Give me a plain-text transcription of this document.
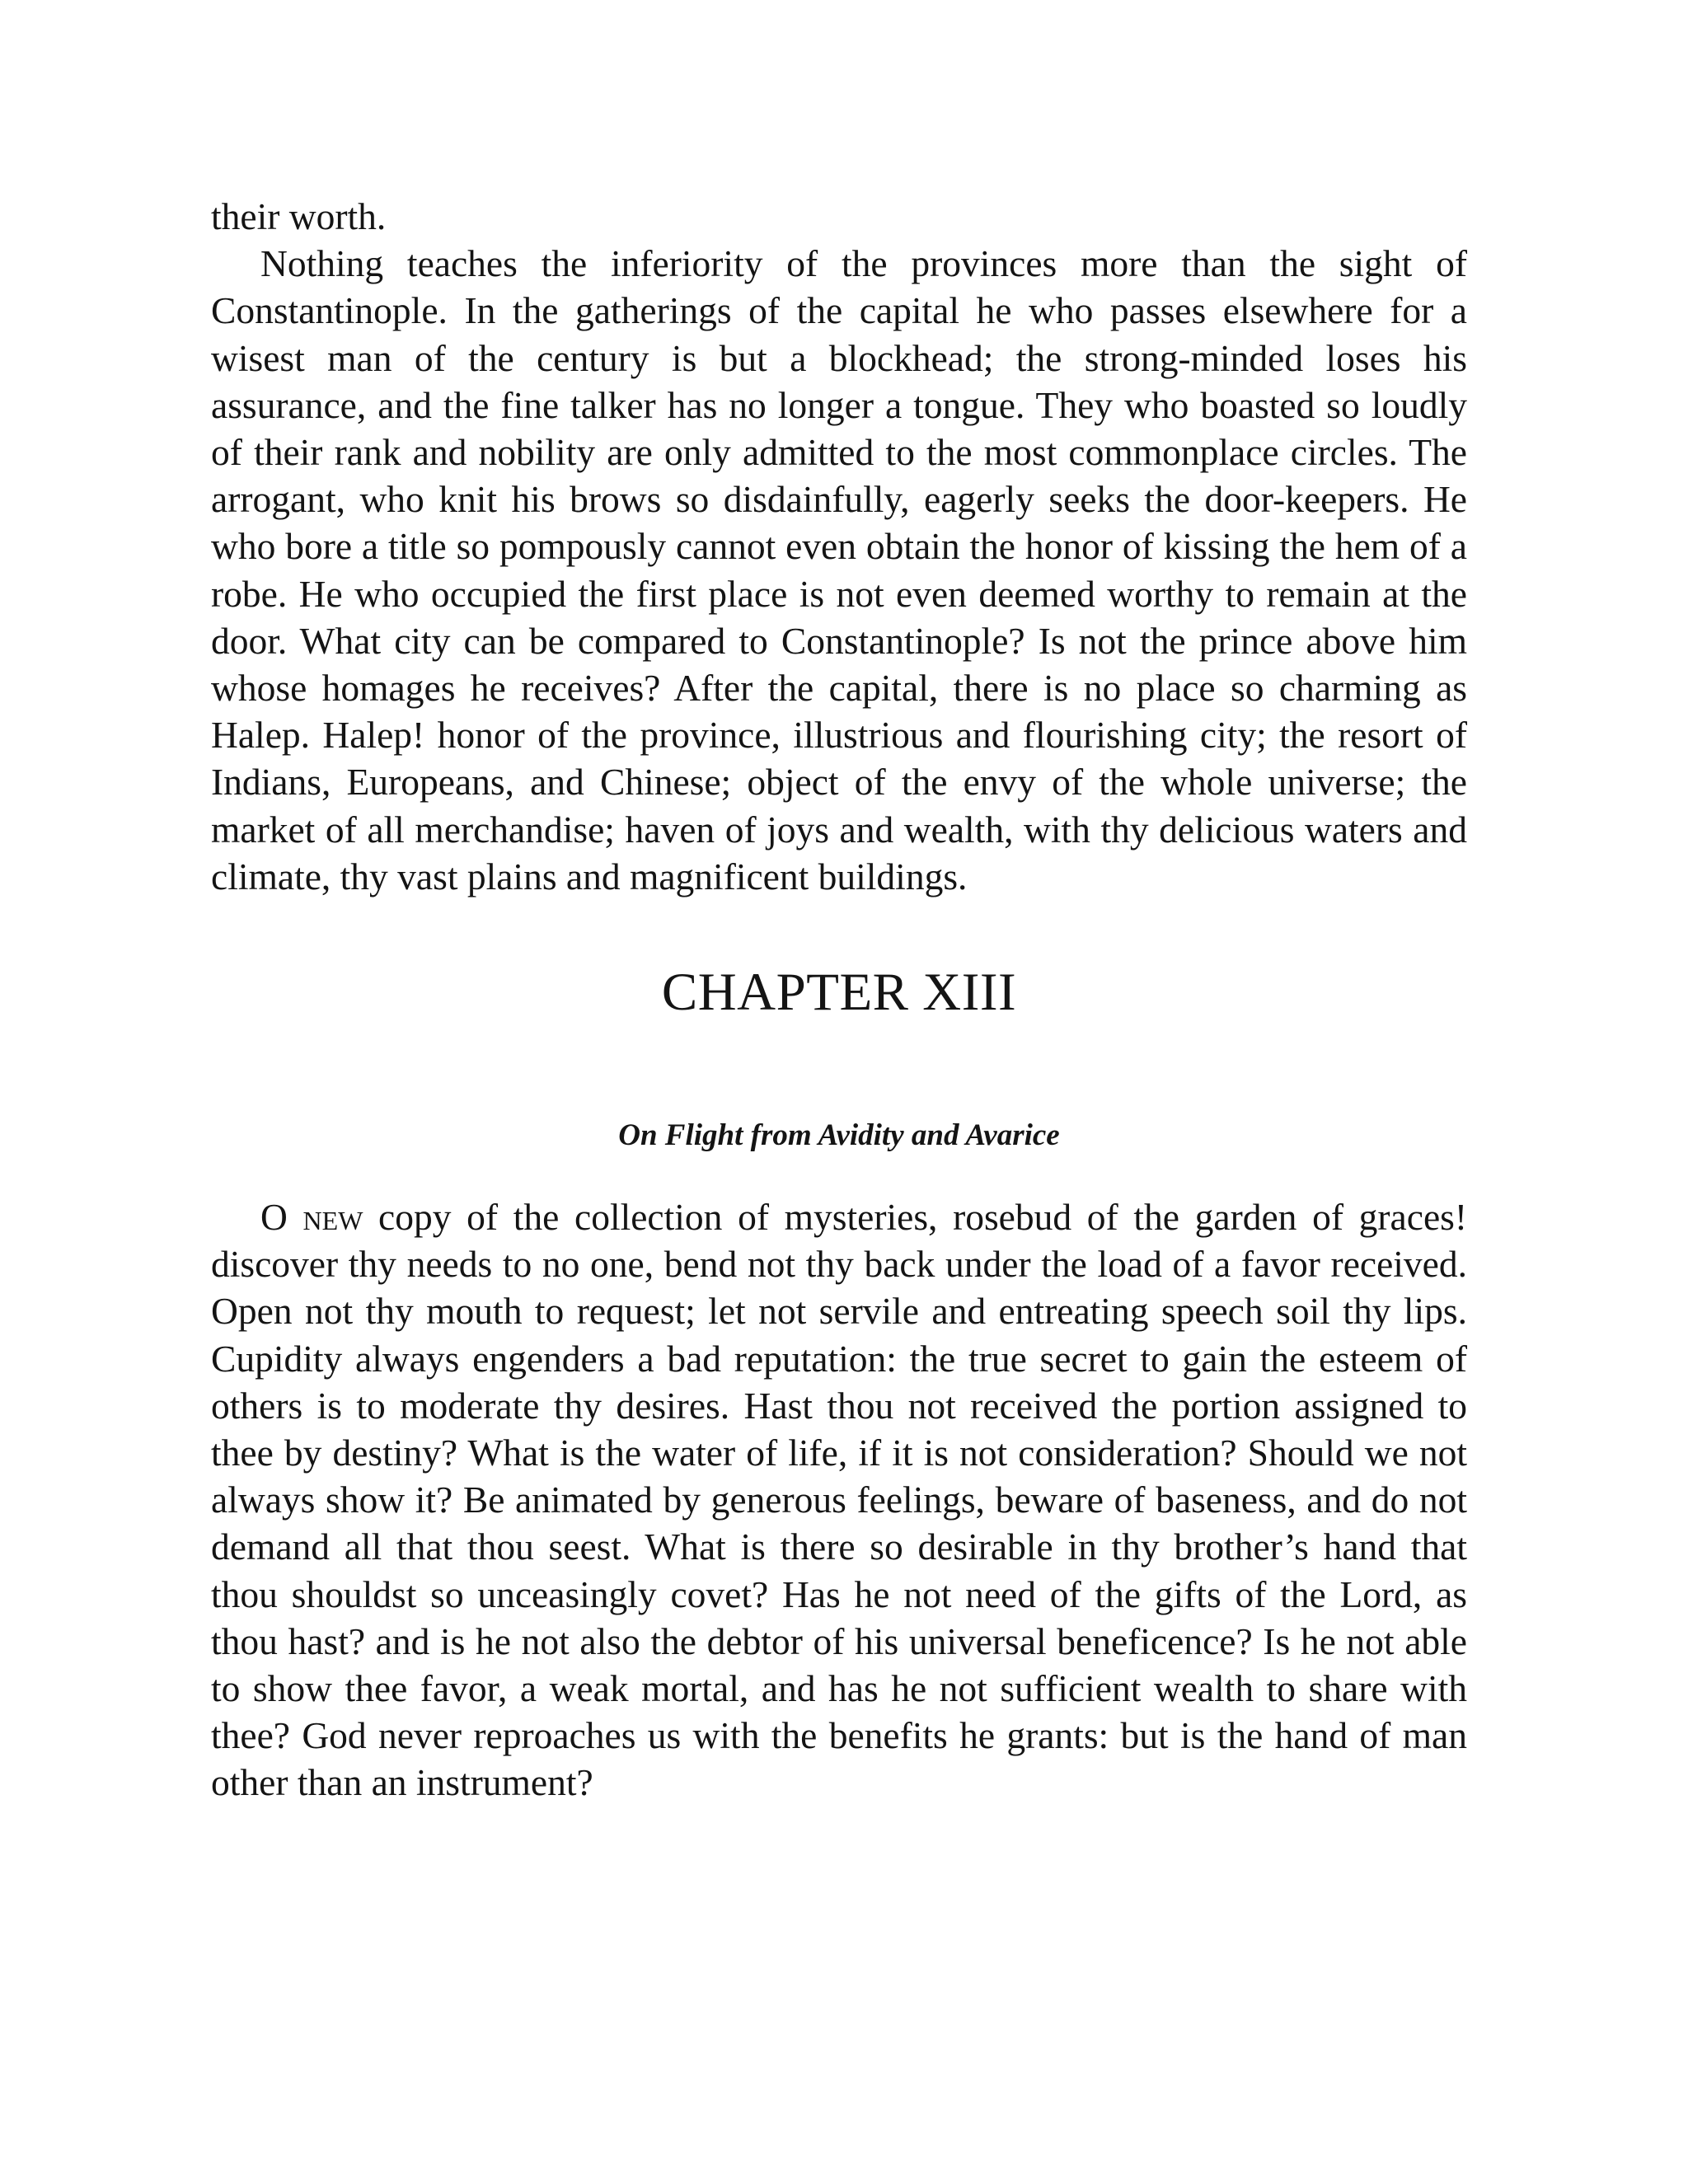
their worth.

Nothing teaches the inferiority of the provinces more than the sight of Constantinople. In the gatherings of the capital he who passes elsewhere for a wisest man of the century is but a blockhead; the strong-minded loses his assurance, and the fine talker has no longer a tongue. They who boasted so loudly of their rank and nobility are only admitted to the most commonplace circles. The arrogant, who knit his brows so disdainfully, eagerly seeks the door-keepers. He who bore a title so pompously cannot even obtain the honor of kissing the hem of a robe. He who occupied the first place is not even deemed worthy to remain at the door. What city can be compared to Constantinople? Is not the prince above him whose homages he receives? After the capital, there is no place so charming as Halep. Halep! honor of the province, illustrious and flourishing city; the resort of Indians, Europeans, and Chinese; object of the envy of the whole universe; the market of all merchandise; haven of joys and wealth, with thy delicious waters and climate, thy vast plains and magnificent buildings.

CHAPTER XIII
On Flight from Avidity and Avarice

O new copy of the collection of mysteries, rosebud of the garden of graces! discover thy needs to no one, bend not thy back under the load of a favor received. Open not thy mouth to request; let not servile and entreating speech soil thy lips. Cupidity always engenders a bad reputation: the true secret to gain the esteem of others is to moderate thy desires. Hast thou not received the portion assigned to thee by destiny? What is the water of life, if it is not consideration? Should we not always show it? Be animated by generous feelings, beware of baseness, and do not demand all that thou seest. What is there so desirable in thy brother’s hand that thou shouldst so unceasingly covet? Has he not need of the gifts of the Lord, as thou hast? and is he not also the debtor of his universal beneficence? Is he not able to show thee favor, a weak mortal, and has he not sufficient wealth to share with thee? God never reproaches us with the benefits he grants: but is the hand of man other than an instrument?
